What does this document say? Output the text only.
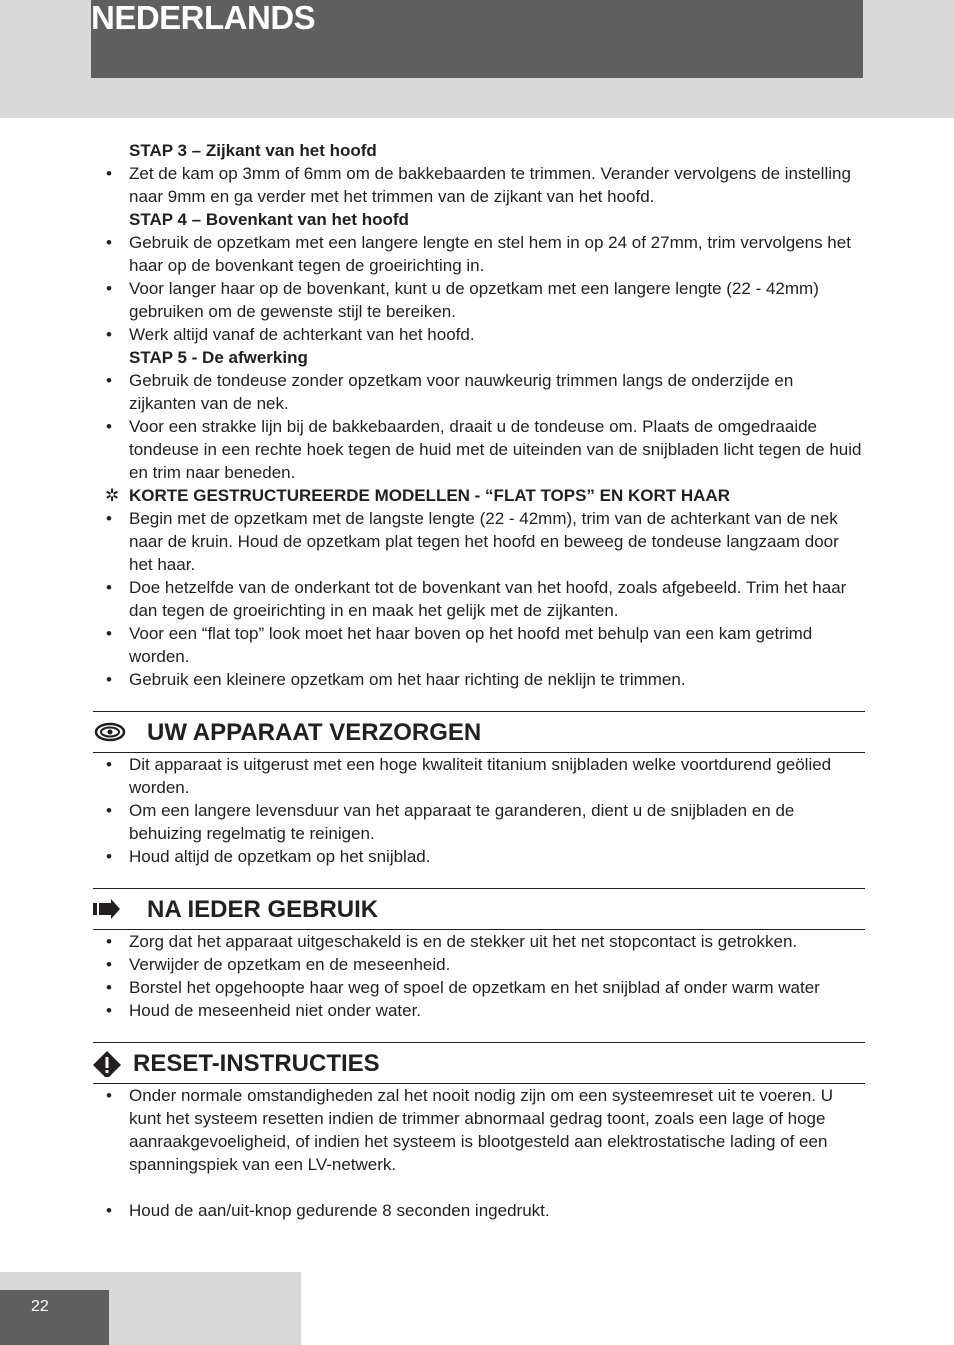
NEDERLANDS
STAP 3 – Zijkant van het hoofd
• Zet de kam op 3mm of 6mm om de bakkebaarden te trimmen. Verander vervolgens de instelling naar 9mm en ga verder met het trimmen van de zijkant van het hoofd.
STAP 4 – Bovenkant van het hoofd
• Gebruik de opzetkam met een langere lengte en stel hem in op 24 of 27mm, trim vervolgens het haar op de bovenkant tegen de groeirichting in.
• Voor langer haar op de bovenkant, kunt u de opzetkam met een langere lengte (22 - 42mm) gebruiken om de gewenste stijl te bereiken.
• Werk altijd vanaf de achterkant van het hoofd.
STAP 5 - De afwerking
• Gebruik de tondeuse zonder opzetkam voor nauwkeurig trimmen langs de onderzijde en zijkanten van de nek.
• Voor een strakke lijn bij de bakkebaarden, draait u de tondeuse om. Plaats de omgedraaide tondeuse in een rechte hoek tegen de huid met de uiteinden van de snijbladen licht tegen de huid en trim naar beneden.
✲ KORTE GESTRUCTUREERDE MODELLEN - “FLAT TOPS” EN KORT HAAR
• Begin met de opzetkam met de langste lengte (22 - 42mm), trim van de achterkant van de nek naar de kruin. Houd de opzetkam plat tegen het hoofd en beweeg de tondeuse langzaam door het haar.
• Doe hetzelfde van de onderkant tot de bovenkant van het hoofd, zoals afgebeeld. Trim het haar dan tegen de groeirichting in en maak het gelijk met de zijkanten.
• Voor een “flat top” look moet het haar boven op het hoofd met behulp van een kam getrimd worden.
• Gebruik een kleinere opzetkam om het haar richting de neklijn te trimmen.
UW APPARAAT VERZORGEN
• Dit apparaat is uitgerust met een hoge kwaliteit titanium snijbladen welke voortdurend geölied worden.
• Om een langere levensduur van het apparaat te garanderen, dient u de snijbladen en de behuizing regelmatig te reinigen.
• Houd altijd de opzetkam op het snijblad.
NA IEDER GEBRUIK
• Zorg dat het apparaat uitgeschakeld is en de stekker uit het net stopcontact is getrokken.
• Verwijder de opzetkam en de meseenheid.
• Borstel het opgehoopte haar weg of spoel de opzetkam en het snijblad af onder warm water
• Houd de meseenheid niet onder water.
RESET-INSTRUCTIES
• Onder normale omstandigheden zal het nooit nodig zijn om een systeemreset uit te voeren. U kunt het systeem resetten indien de trimmer abnormaal gedrag toont, zoals een lage of hoge aanraakgevoeligheid, of indien het systeem is blootgesteld aan elektrostatische lading of een spanningspiek van een LV-netwerk.
• Houd de aan/uit-knop gedurende 8 seconden ingedrukt.
22
